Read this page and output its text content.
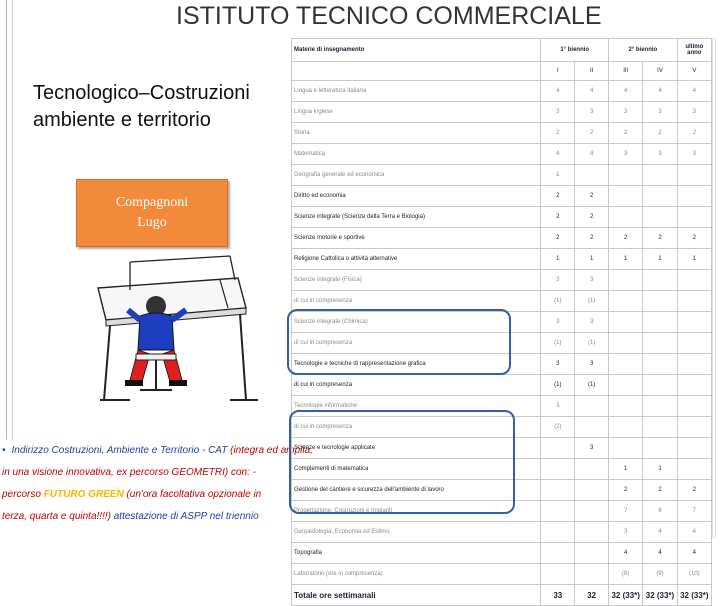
ISTITUTO TECNICO COMMERCIALE
Tecnologico–Costruzioni
ambiente e territorio
Compagnoni
Lugo
• Indirizzo Costruzioni, Ambiente e Territorio - CAT (integra ed amplia,
in una visione innovativa, ex percorso GEOMETRI) con: -
percorso FUTURO GREEN (un'ora facoltativa opzionale in
terza, quarta e quinta!!!!) attestazione di ASPP nel triennio
Materie di insegnamento	1° biennio		2° biennio		ultimo anno
	I	II	III	IV	V
Lingua e letteratura italiana	4	4	4	4	4
Lingua inglese	3	3	3	3	3
Storia	2	2	2	2	2
Matematica	4	4	3	3	3
Geografia generale ed economica	1				
Diritto ed economia	2	2			
Scienze integrate (Scienze della Terra e Biologia)	2	2			
Scienze motorie e sportive	2	2	2	2	2
Religione Cattolica o attività alternative	1	1	1	1	1
Scienze integrate (Fisica)	3	3			
di cui in compresenza	(1)	(1)			
Scienze integrate (Chimica)	3	3			
di cui in compresenza	(1)	(1)			
Tecnologie e tecniche di rappresentazione grafica	3	3			
di cui in compresenza	(1)	(1)			
Tecnologie informatiche	3				
di cui in compresenza	(2)				
Scienze e tecnologie applicate		3			
Complementi di matematica			1	1	
Gestione del cantiere e sicurezza dell'ambiente di lavoro			2	2	2
Progettazione, Costruzioni e Impianti			7	6	7
Geopedologia, Economia ed Estimo			3	4	4
Topografia			4	4	4
Laboratorio (ore in compresenza)			(8)	(9)	(10)
Totale ore settimanali	33	32	32 (33*)	32 (33*)	32 (33*)
